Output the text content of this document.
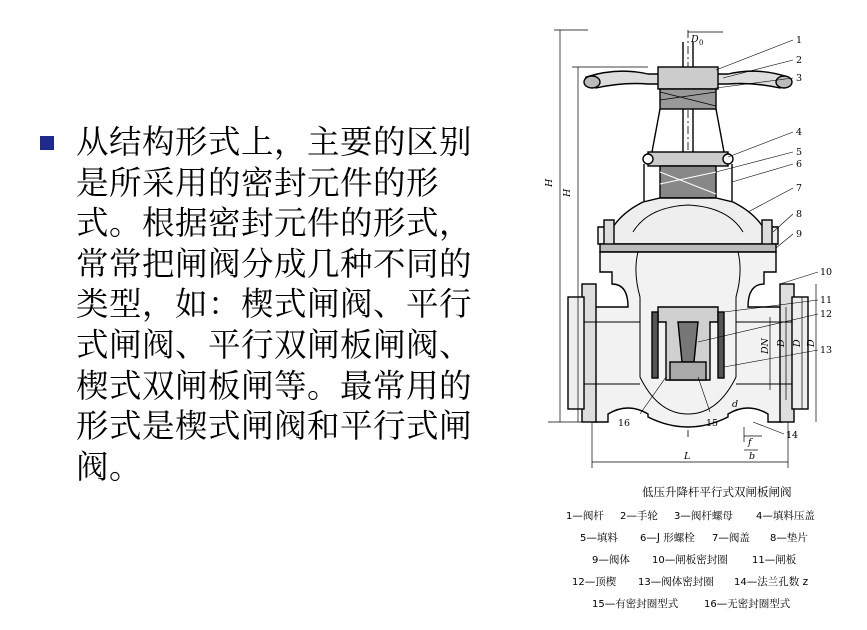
从结构形式上，主要的区别是所采用的密封元件的形式。根据密封元件的形式，常常把闸阀分成几种不同的类型，如：楔式闸阀、平行式闸阀、平行双闸板闸阀、楔式双闸板闸等。最常用的形式是楔式闸阀和平行式闸阀。
1
2
3
4
5
6
7
8
9
10
11
12
13
14
15
16
D 0
H
H
DN D D D
L
f
b
d
低压升降杆平行式双闸板闸阀
1—阀杆 2—手轮 3—阀杆螺母 4—填料压盖
5—填料 6—J 形螺栓 7—阀盖 8—垫片
9—阀体 10—闸板密封圈 11—闸板
12—顶楔 13—阀体密封圈 14—法兰孔数 z
15—有密封圈型式	16—无密封圈型式
